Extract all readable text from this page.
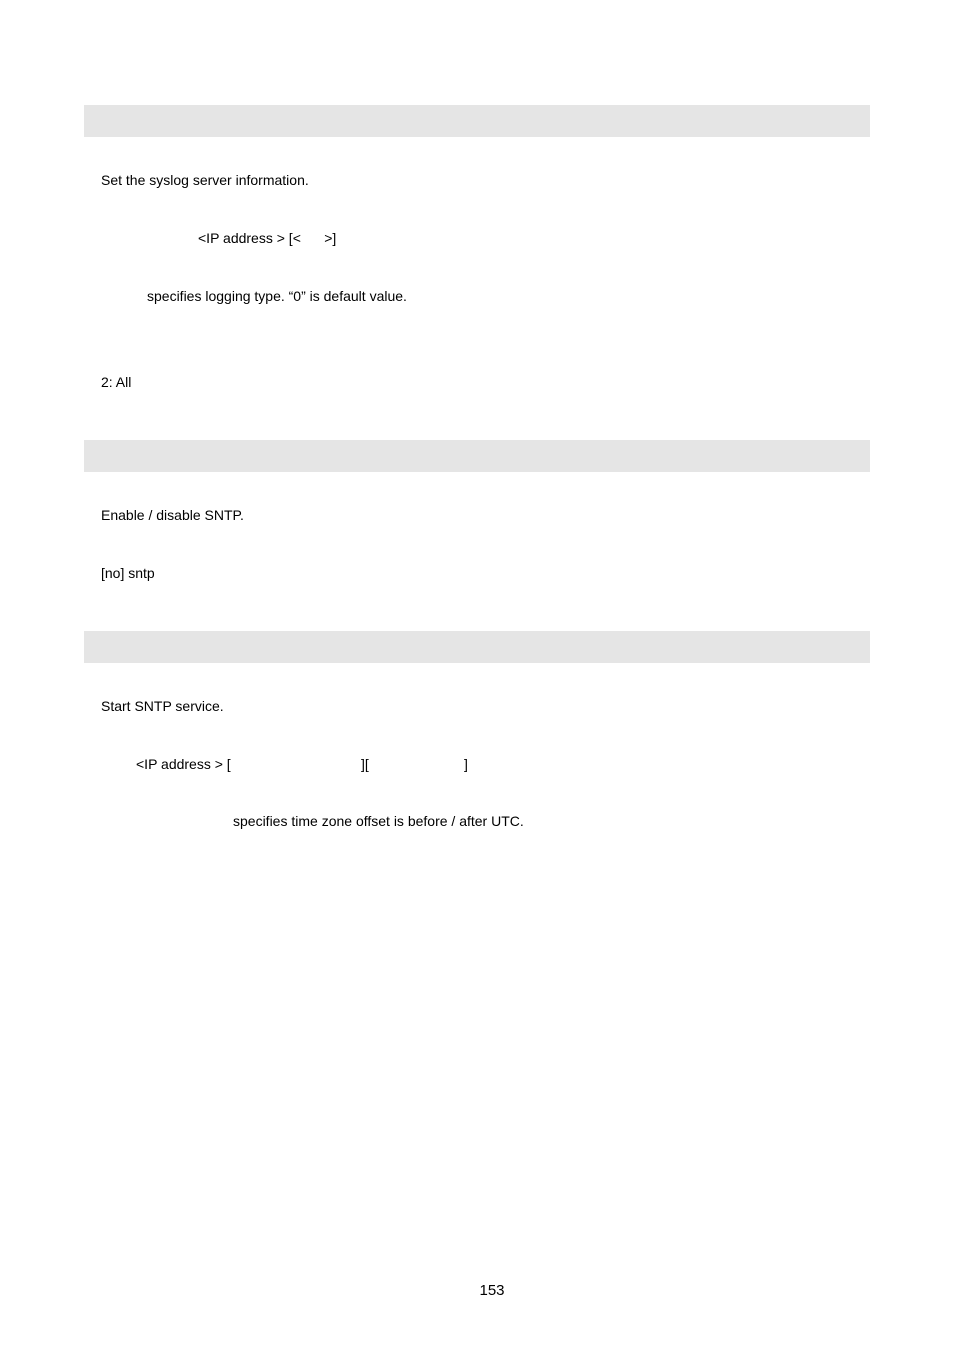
Set the syslog server information.
<IP address > [<      >]
specifies logging type. “0” is default value.
2: All
Enable / disable SNTP.
[no] sntp
Start SNTP service.
<IP address > [	][	]
specifies time zone offset is before / after UTC.
153
